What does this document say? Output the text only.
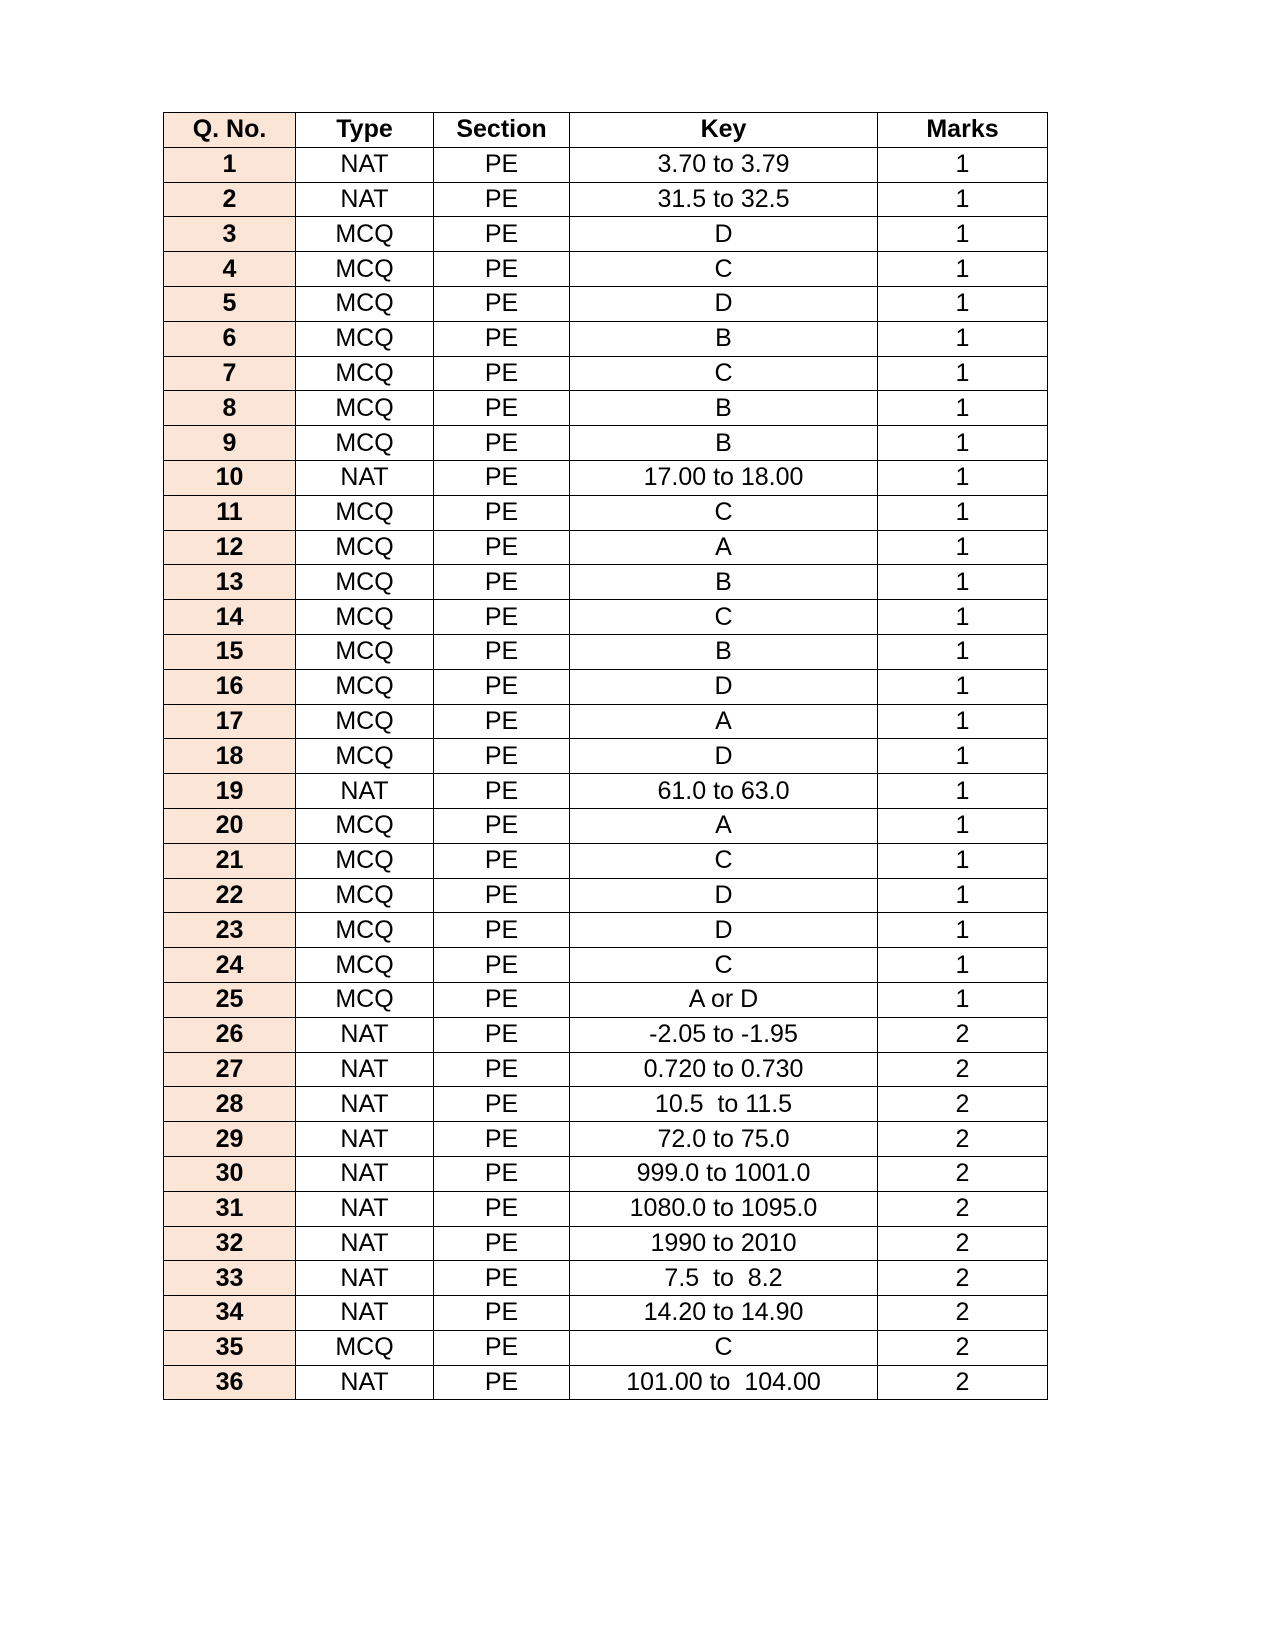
Q. No.	Type	Section	Key	Marks
1	NAT	PE	3.70 to 3.79	1
2	NAT	PE	31.5 to 32.5	1
3	MCQ	PE	D	1
4	MCQ	PE	C	1
5	MCQ	PE	D	1
6	MCQ	PE	B	1
7	MCQ	PE	C	1
8	MCQ	PE	B	1
9	MCQ	PE	B	1
10	NAT	PE	17.00 to 18.00	1
11	MCQ	PE	C	1
12	MCQ	PE	A	1
13	MCQ	PE	B	1
14	MCQ	PE	C	1
15	MCQ	PE	B	1
16	MCQ	PE	D	1
17	MCQ	PE	A	1
18	MCQ	PE	D	1
19	NAT	PE	61.0 to 63.0	1
20	MCQ	PE	A	1
21	MCQ	PE	C	1
22	MCQ	PE	D	1
23	MCQ	PE	D	1
24	MCQ	PE	C	1
25	MCQ	PE	A or D	1
26	NAT	PE	-2.05 to -1.95	2
27	NAT	PE	0.720 to 0.730	2
28	NAT	PE	10.5  to 11.5	2
29	NAT	PE	72.0 to 75.0	2
30	NAT	PE	999.0 to 1001.0	2
31	NAT	PE	1080.0 to 1095.0	2
32	NAT	PE	1990 to 2010	2
33	NAT	PE	7.5  to  8.2	2
34	NAT	PE	14.20 to 14.90	2
35	MCQ	PE	C	2
36	NAT	PE	101.00 to  104.00	2
